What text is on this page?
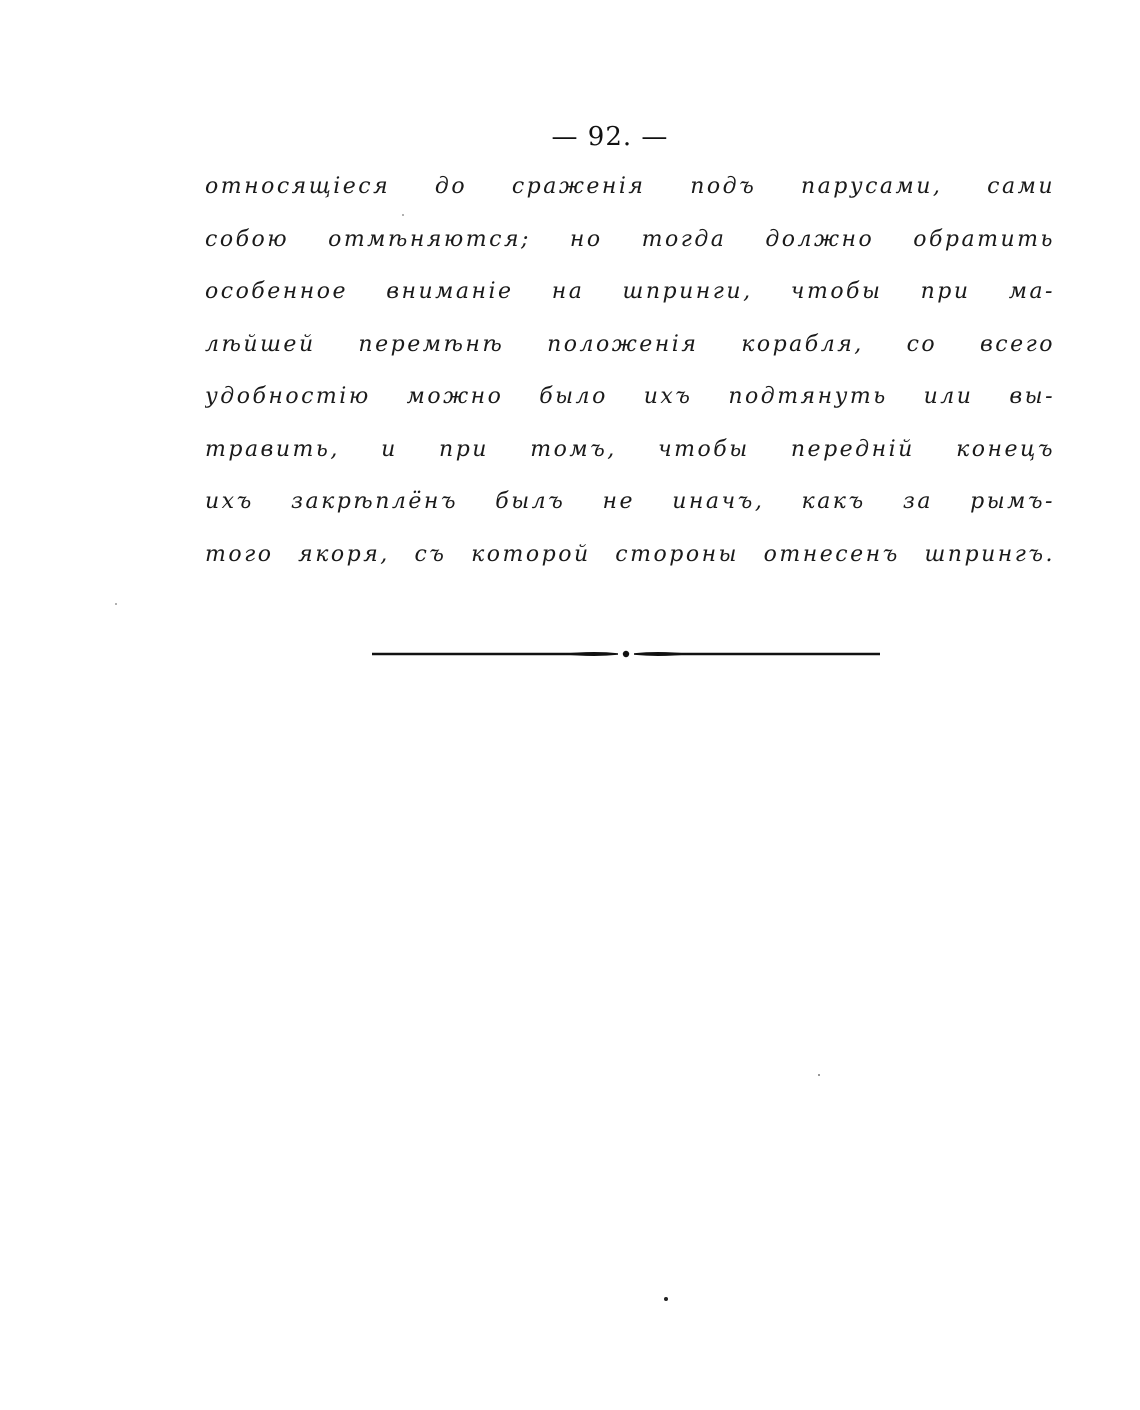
— 92. —
относящіеся до сраженія подъ парусами, сами
собою отмѣняются; но тогда должно обратить
особенное вниманіе на шпринги, чтобы при ма-
лѣйшей перемѣнѣ положенія корабля, со всего
удобностію можно было ихъ подтянуть или вы-
травить, и при томъ, чтобы передній конецъ
ихъ закрѣплёнъ былъ не иначъ, какъ за рымъ-
того якоря, съ которой стороны отнесенъ шпрингъ.
